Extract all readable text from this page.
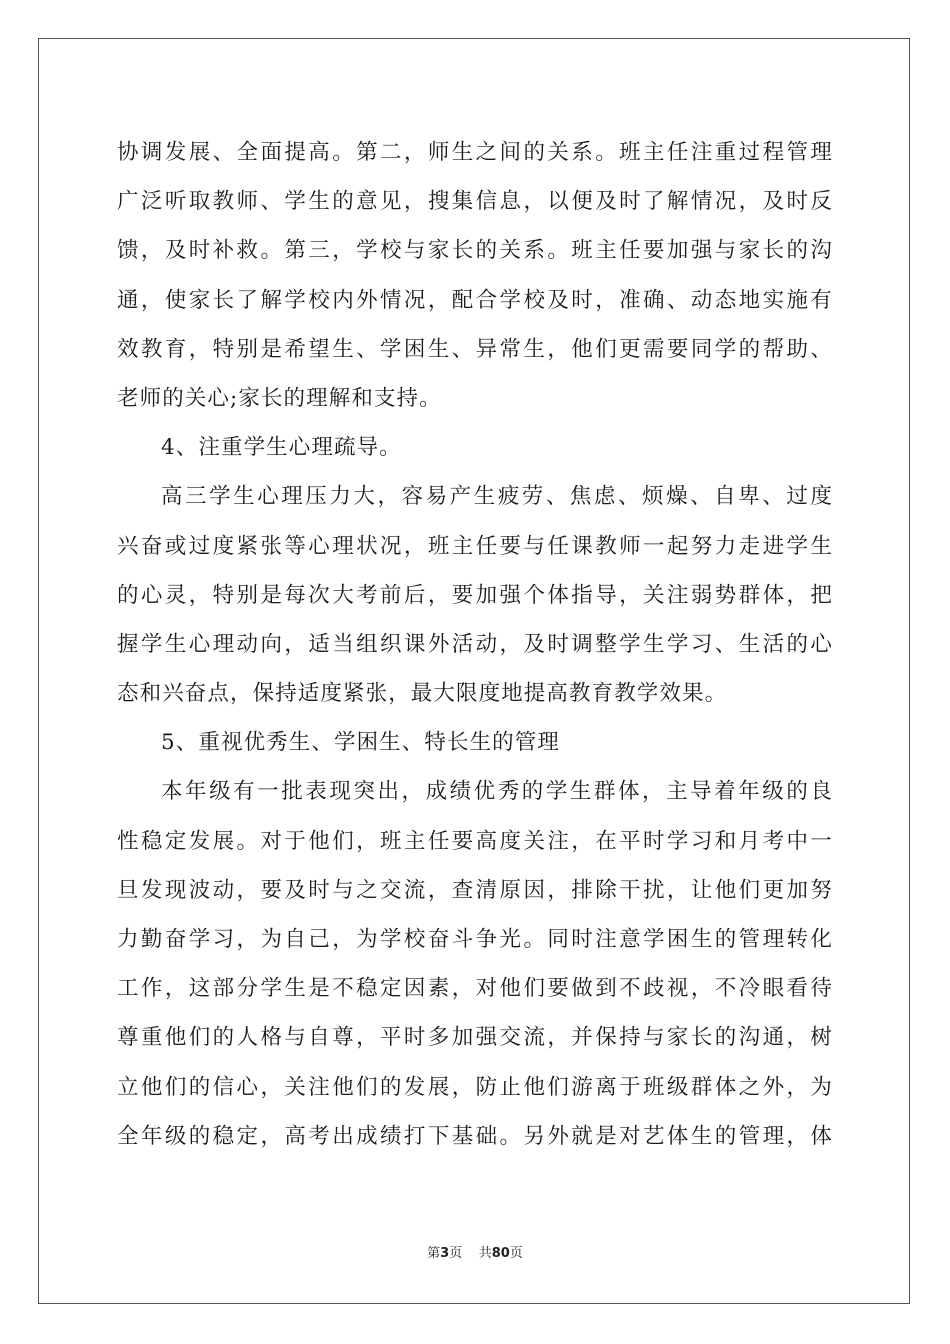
协调发展、全面提高。第二，师生之间的关系。班主任注重过程管理
广泛听取教师、学生的意见，搜集信息，以便及时了解情况，及时反
馈，及时补救。第三，学校与家长的关系。班主任要加强与家长的沟
通，使家长了解学校内外情况，配合学校及时，准确、动态地实施有
效教育，特别是希望生、学困生、异常生，他们更需要同学的帮助、
老师的关心;家长的理解和支持。
4、注重学生心理疏导。
高三学生心理压力大，容易产生疲劳、焦虑、烦燥、自卑、过度
兴奋或过度紧张等心理状况，班主任要与任课教师一起努力走进学生
的心灵，特别是每次大考前后，要加强个体指导，关注弱势群体，把
握学生心理动向，适当组织课外活动，及时调整学生学习、生活的心
态和兴奋点，保持适度紧张，最大限度地提高教育教学效果。
5、重视优秀生、学困生、特长生的管理
本年级有一批表现突出，成绩优秀的学生群体，主导着年级的良
性稳定发展。对于他们，班主任要高度关注，在平时学习和月考中一
旦发现波动，要及时与之交流，查清原因，排除干扰，让他们更加努
力勤奋学习，为自己，为学校奋斗争光。同时注意学困生的管理转化
工作，这部分学生是不稳定因素，对他们要做到不歧视，不冷眼看待
尊重他们的人格与自尊，平时多加强交流，并保持与家长的沟通，树
立他们的信心，关注他们的发展，防止他们游离于班级群体之外，为
全年级的稳定，高考出成绩打下基础。另外就是对艺体生的管理，体
第3页 共80页
